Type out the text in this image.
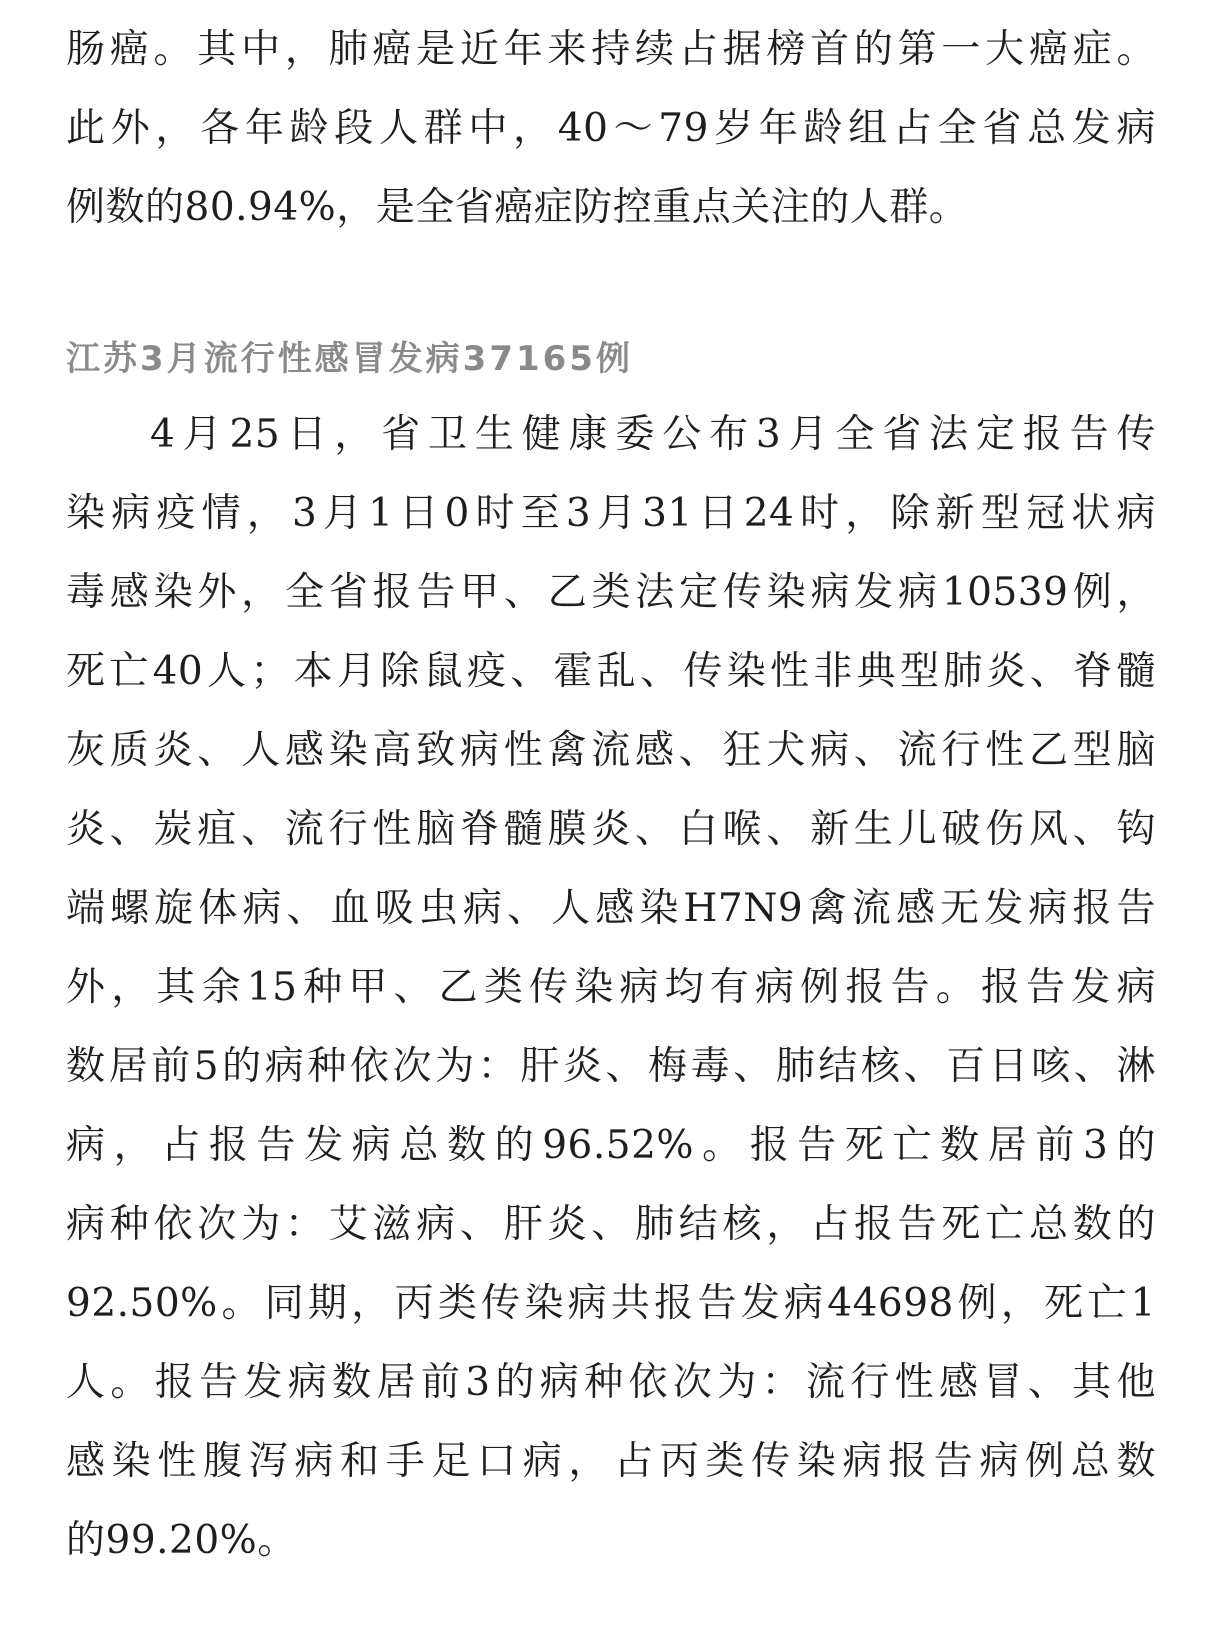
肠癌。其中，肺癌是近年来持续占据榜首的第一大癌症。
此外，各年龄段人群中，40～79岁年龄组占全省总发病
例数的80.94%，是全省癌症防控重点关注的人群。
江苏3月流行性感冒发病37165例
4月25日，省卫生健康委公布3月全省法定报告传
染病疫情，3月1日0时至3月31日24时，除新型冠状病
毒感染外，全省报告甲、乙类法定传染病发病10539例，
死亡40人；本月除鼠疫、霍乱、传染性非典型肺炎、脊髓
灰质炎、人感染高致病性禽流感、狂犬病、流行性乙型脑
炎、炭疽、流行性脑脊髓膜炎、白喉、新生儿破伤风、钩
端螺旋体病、血吸虫病、人感染H7N9禽流感无发病报告
外，其余15种甲、乙类传染病均有病例报告。报告发病
数居前5的病种依次为：肝炎、梅毒、肺结核、百日咳、淋
病，占报告发病总数的96.52%。报告死亡数居前3的
病种依次为：艾滋病、肝炎、肺结核，占报告死亡总数的
92.50%。同期，丙类传染病共报告发病44698例，死亡1
人。报告发病数居前3的病种依次为：流行性感冒、其他
感染性腹泻病和手足口病，占丙类传染病报告病例总数
的99.20%。
